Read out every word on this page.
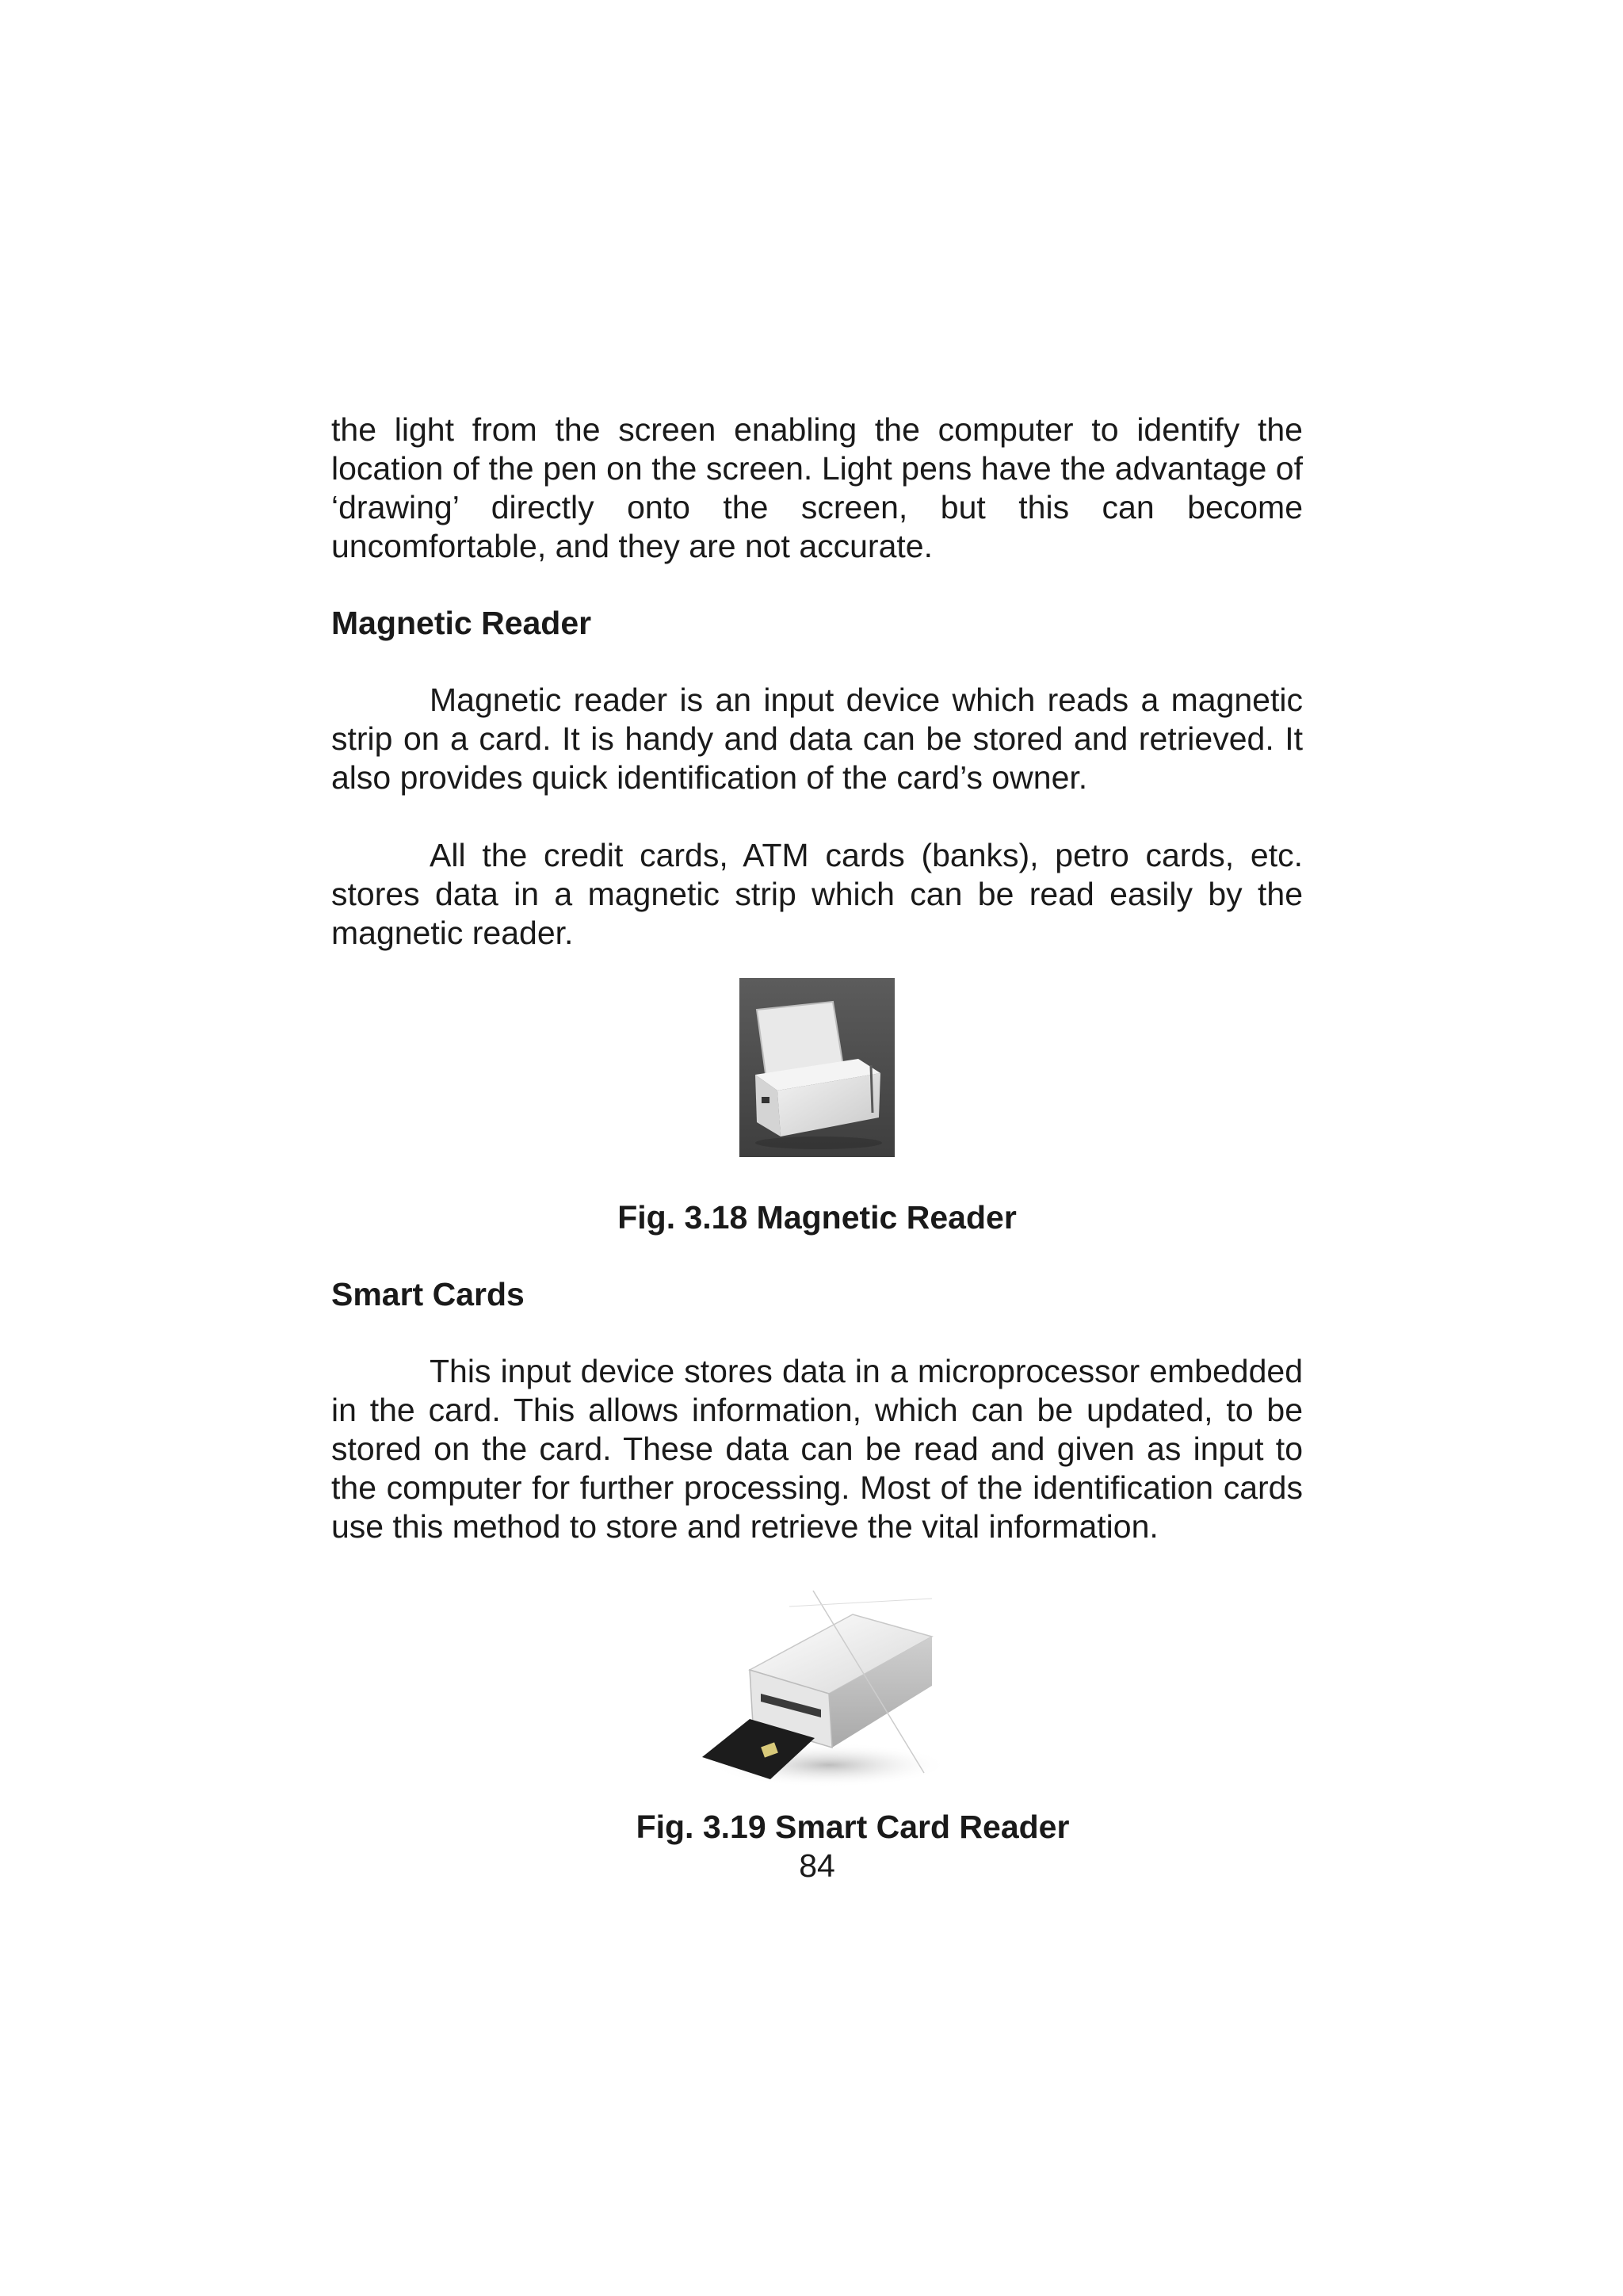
the light from the screen enabling the computer to identify the location of the pen on the screen. Light pens have the advantage of ‘drawing’ directly onto the screen, but this can become uncomfortable, and they are not accurate.

Magnetic Reader

Magnetic reader is an input device which reads a magnetic strip on a card. It is handy and data can be stored and retrieved. It also provides quick identification of the card’s owner.

All the credit cards, ATM cards (banks), petro cards, etc. stores data in a magnetic strip which can be read easily by the magnetic reader.

Fig. 3.18 Magnetic Reader

Smart Cards

This input device stores data in a microprocessor embedded in the card. This allows information, which can be updated, to be stored on the card. These data can be read and given as input to the computer for further processing. Most of the identification cards use this method to store and retrieve the vital information.

Fig. 3.19 Smart Card Reader

84
